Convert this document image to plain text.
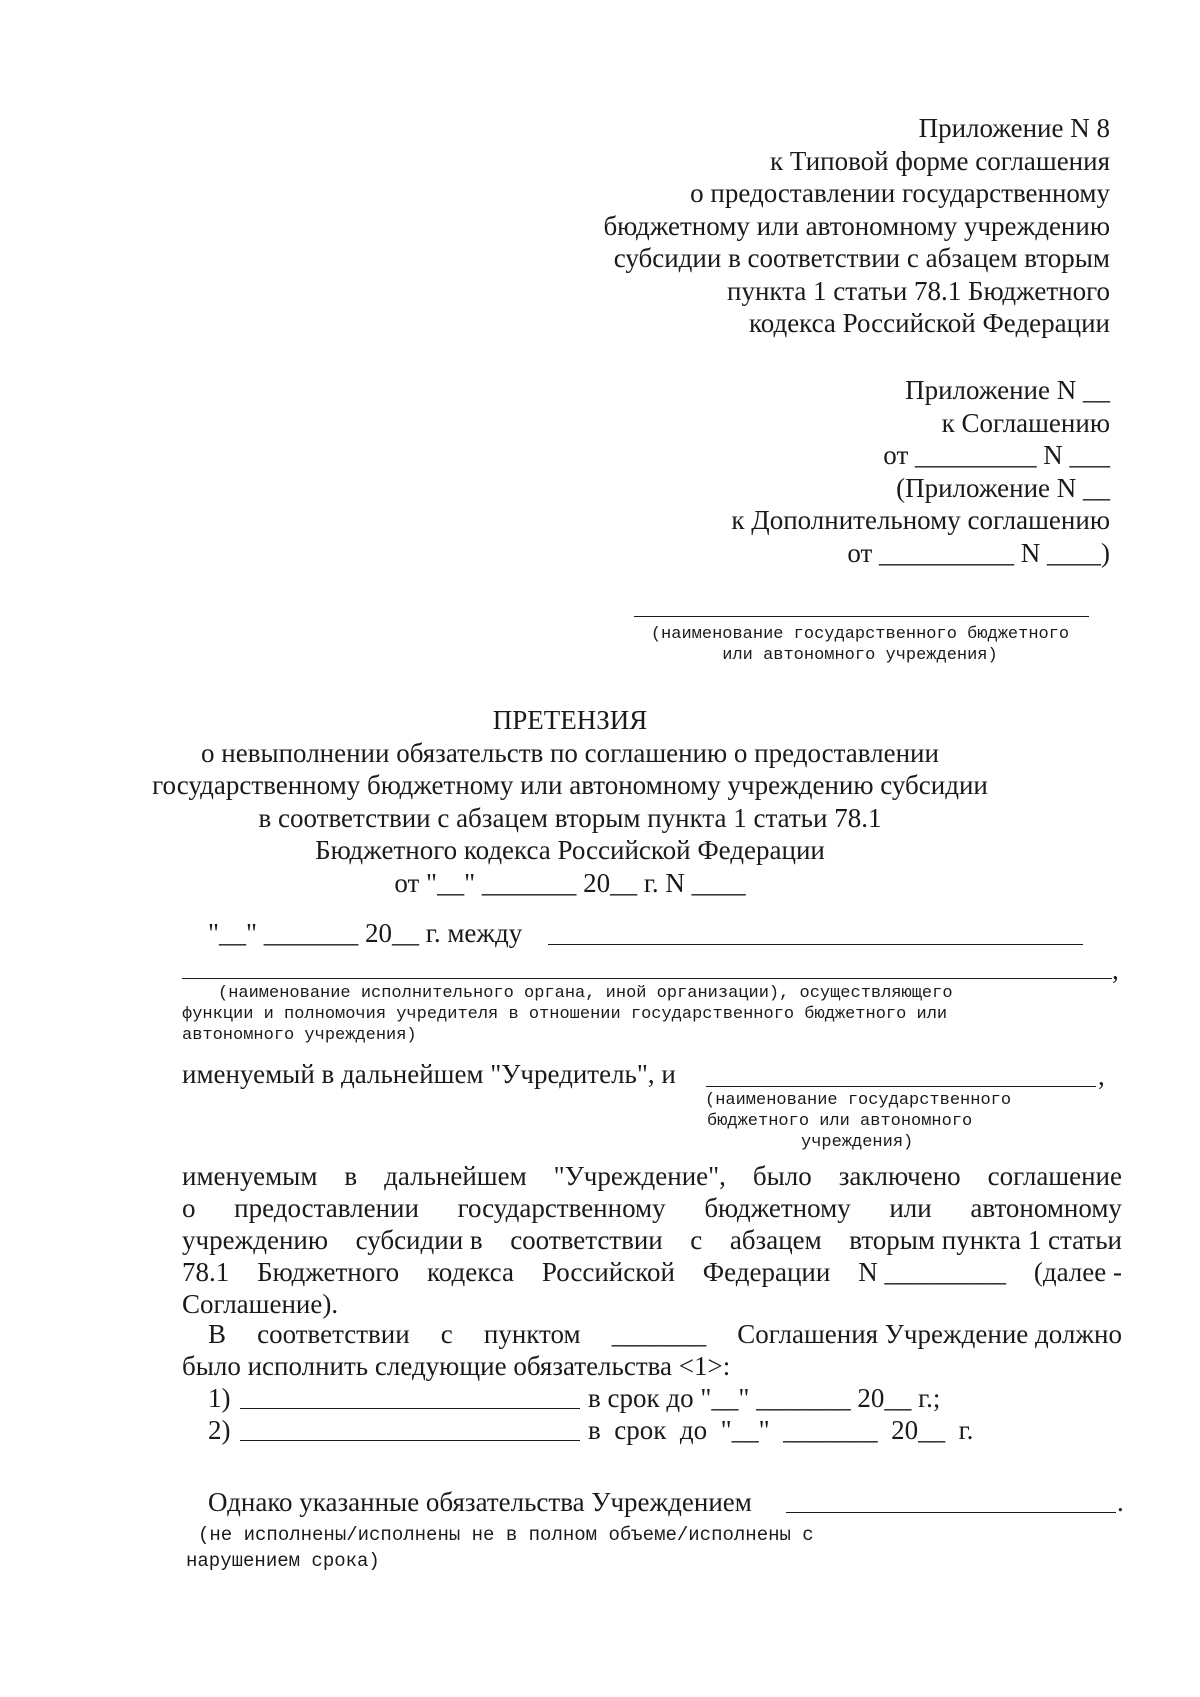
Приложение N 8
к Типовой форме соглашения
о предоставлении государственному
бюджетному или автономному учреждению
субсидии в соответствии с абзацем вторым
пункта 1 статьи 78.1 Бюджетного
кодекса Российской Федерации
Приложение N __
к Соглашению
от _________ N ___
(Приложение N __
к Дополнительному соглашению
от __________ N ____)
(наименование государственного бюджетного
или автономного учреждения)
ПРЕТЕНЗИЯ
о невыполнении обязательств по соглашению о предоставлении
государственному бюджетному или автономному учреждению субсидии
в соответствии с абзацем вторым пункта 1 статьи 78.1
Бюджетного кодекса Российской Федерации
от "__" _______ 20__ г. N ____
"__" _______ 20__ г. между
,
(наименование исполнительного органа, иной организации), осуществляющего
функции и полномочия учредителя в отношении государственного бюджетного или
автономного учреждения)
именуемый в дальнейшем "Учредитель", и	,
(наименование государственного
бюджетного или автономного
учреждения)
именуемым в дальнейшем "Учреждение", было заключено соглашение
о предоставлении государственному бюджетному или автономному
учреждению субсидии в соответствии с абзацем вторым пункта 1 статьи
78.1 Бюджетного кодекса Российской Федерации N _________ (далее -
Соглашение).
В соответствии с пунктом _______ Соглашения Учреждение должно
было исполнить следующие обязательства <1>:
1)	в срок до "__" _______ 20__ г.;
2)	в  срок  до  "__"  _______  20__  г.
Однако указанные обязательства Учреждением	.
(не исполнены/исполнены не в полном объеме/исполнены с
нарушением срока)
